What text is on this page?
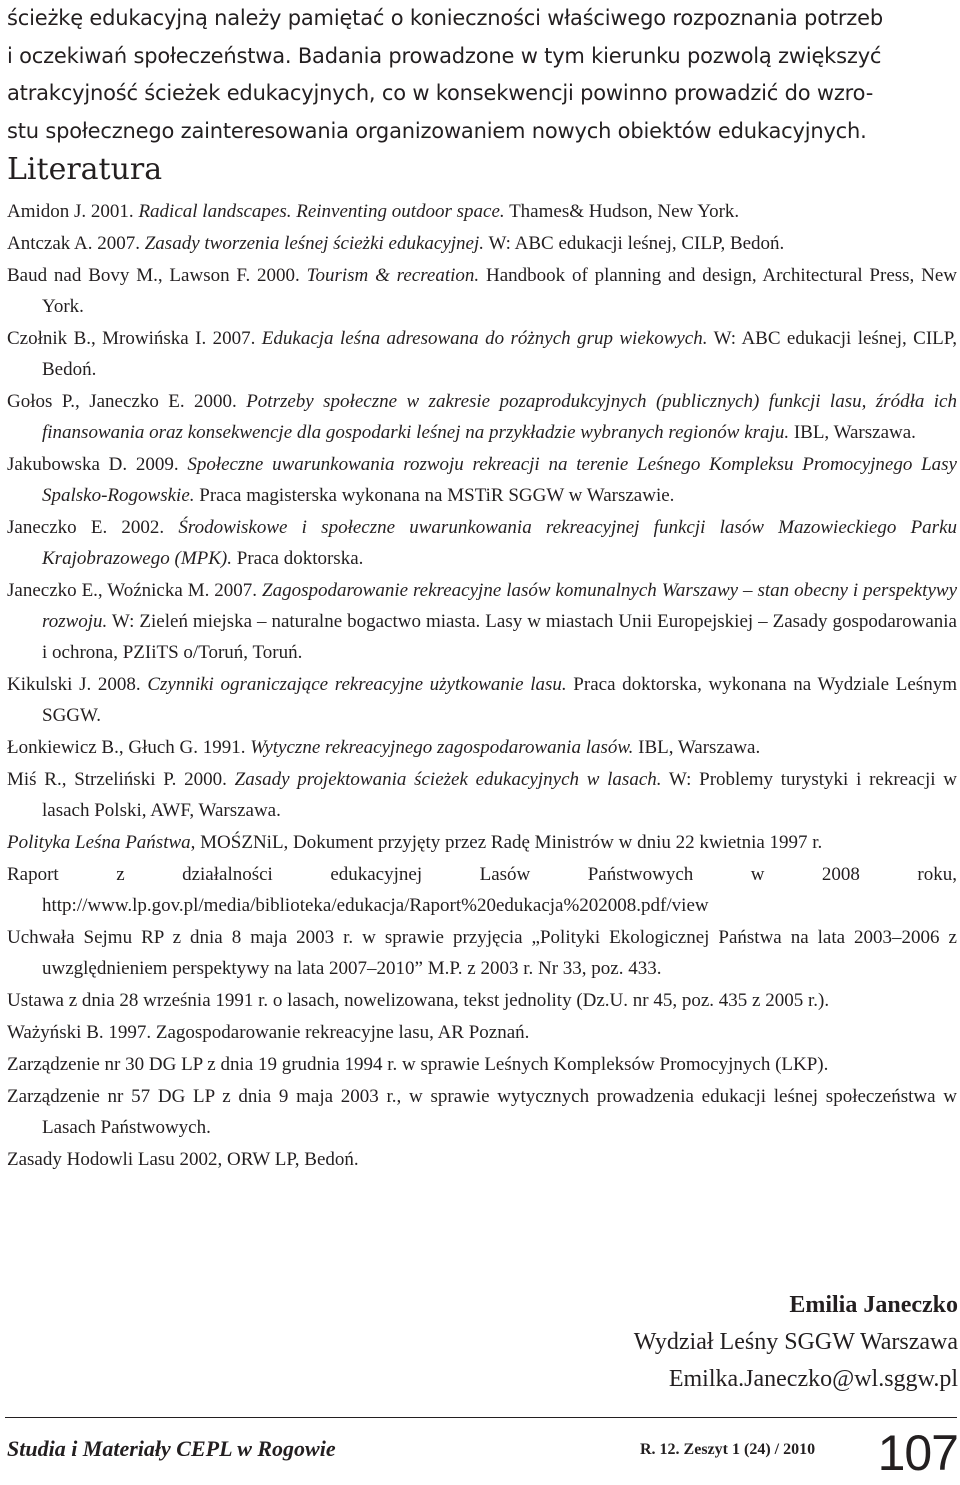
ścieżkę edukacyjną należy pamiętać o konieczności właściwego rozpoznania potrzeb
i oczekiwań społeczeństwa. Badania prowadzone w tym kierunku pozwolą zwiększyć
atrakcyjność ścieżek edukacyjnych, co w konsekwencji powinno prowadzić do wzro-
stu społecznego zainteresowania organizowaniem nowych obiektów edukacyjnych.
Literatura

Amidon J. 2001. Radical landscapes. Reinventing outdoor space. Thames& Hudson, New York.

Antczak A. 2007. Zasady tworzenia leśnej ścieżki edukacyjnej. W: ABC edukacji leśnej, CILP, Bedoń.

Baud nad Bovy M., Lawson F. 2000. Tourism & recreation. Handbook of planning and design, Architectural Press, New York.

Czołnik B., Mrowińska I. 2007. Edukacja leśna adresowana do różnych grup wiekowych. W: ABC edukacji leśnej, CILP, Bedoń.

Gołos P., Janeczko E. 2000. Potrzeby społeczne w zakresie pozaprodukcyjnych (publicznych) funkcji lasu, źródła ich finansowania oraz konsekwencje dla gospodarki leśnej na przykładzie wybranych regionów kraju. IBL, Warszawa.

Jakubowska D. 2009. Społeczne uwarunkowania rozwoju rekreacji na terenie Leśnego Kompleksu Promocyjnego Lasy Spalsko-Rogowskie. Praca magisterska wykonana na MSTiR SGGW w Warszawie.

Janeczko E. 2002. Środowiskowe i społeczne uwarunkowania rekreacyjnej funkcji lasów Mazowieckiego Parku Krajobrazowego (MPK). Praca doktorska.

Janeczko E., Woźnicka M. 2007. Zagospodarowanie rekreacyjne lasów komunalnych Warszawy – stan obecny i perspektywy rozwoju. W: Zieleń miejska – naturalne bogactwo miasta. Lasy w miastach Unii Europejskiej – Zasady gospodarowania i ochrona, PZIiTS o/Toruń, Toruń.

Kikulski J. 2008. Czynniki ograniczające rekreacyjne użytkowanie lasu. Praca doktorska, wykonana na Wydziale Leśnym SGGW.

Łonkiewicz B., Głuch G. 1991. Wytyczne rekreacyjnego zagospodarowania lasów. IBL, Warszawa.

Miś R., Strzeliński P. 2000. Zasady projektowania ścieżek edukacyjnych w lasach. W: Problemy turystyki i rekreacji w lasach Polski, AWF, Warszawa.

Polityka Leśna Państwa, MOŚZNiL, Dokument przyjęty przez Radę Ministrów w dniu 22 kwietnia 1997 r.

Raport z działalności edukacyjnej Lasów Państwowych w 2008 roku, http://www.lp.gov.pl/media/biblioteka/edukacja/Raport%20edukacja%202008.pdf/view

Uchwała Sejmu RP z dnia 8 maja 2003 r. w sprawie przyjęcia „Polityki Ekologicznej Państwa na lata 2003–2006 z uwzględnieniem perspektywy na lata 2007–2010” M.P. z 2003 r. Nr 33, poz. 433.

Ustawa z dnia 28 września 1991 r. o lasach, nowelizowana, tekst jednolity (Dz.U. nr 45, poz. 435 z 2005 r.).

Ważyński B. 1997. Zagospodarowanie rekreacyjne lasu, AR Poznań.

Zarządzenie nr 30 DG LP z dnia 19 grudnia 1994 r. w sprawie Leśnych Kompleksów Promocyjnych (LKP).

Zarządzenie nr 57 DG LP z dnia 9 maja 2003 r., w sprawie wytycznych prowadzenia edukacji leśnej społeczeństwa w Lasach Państwowych.

Zasady Hodowli Lasu 2002, ORW LP, Bedoń.

Emilia Janeczko
Wydział Leśny SGGW Warszawa
Emilka.Janeczko@wl.sggw.pl
Studia i Materiały CEPL w Rogowie	R. 12. Zeszyt 1 (24) / 2010 107
